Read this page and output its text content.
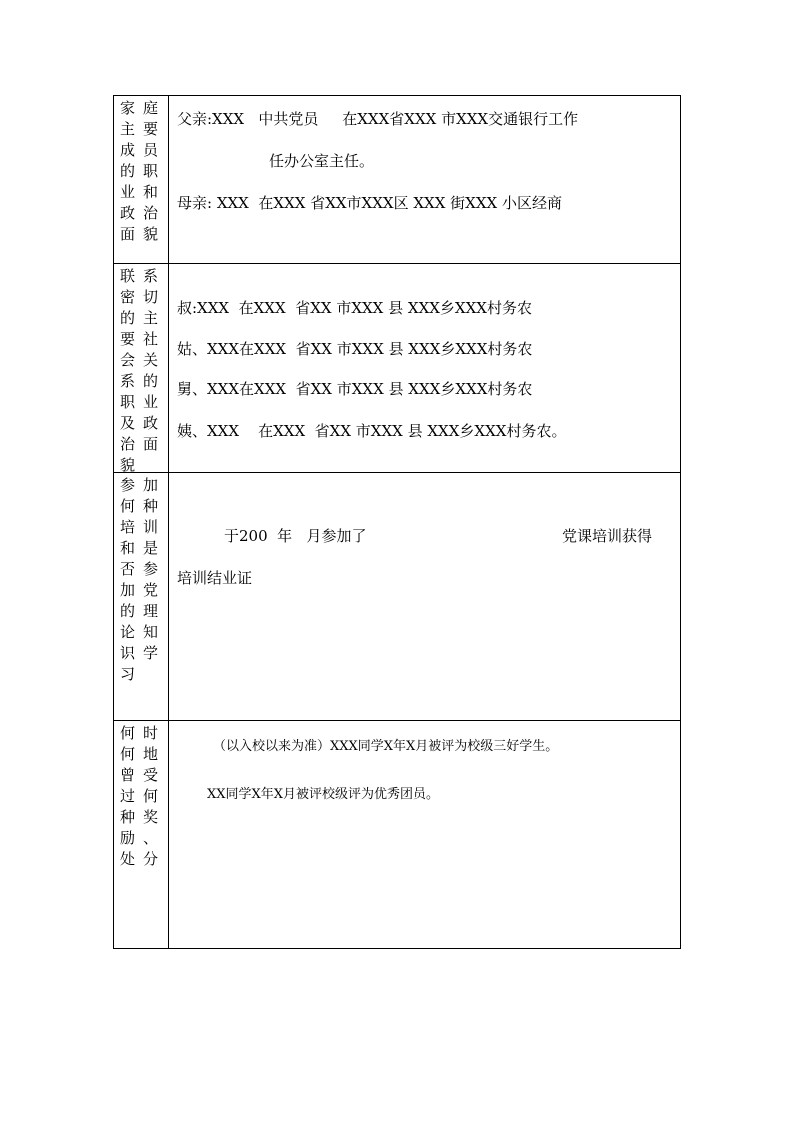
家 庭
主 要
成 员
的 职
业 和
政 治
面 貌
父亲:XXX   中共党员     在XXX省XXX 市XXX交通银行工作
任办公室主任。
母亲: XXX  在XXX 省XX市XXX区 XXX 街XXX 小区经商
联 系
密 切
的 主
要 社
会 关
系 的
职 业
及 政
治 面
貌
叔:XXX  在XXX  省XX 市XXX 县 XXX乡XXX村务农
姑、XXX在XXX  省XX 市XXX 县 XXX乡XXX村务农
舅、XXX在XXX  省XX 市XXX 县 XXX乡XXX村务农
姨、XXX    在XXX  省XX 市XXX 县 XXX乡XXX村务农。
参 加
何 种
培 训
和 是
否 参
加 党
的 理
论 知
识 学
习
于200  年   月参加了	党课培训获得
培训结业证
何 时
何 地
曾 受
过 何
种 奖
励 、
处 分
（以入校以来为准）XXX同学X年X月被评为校级三好学生。
XX同学X年X月被评校级评为优秀团员。
